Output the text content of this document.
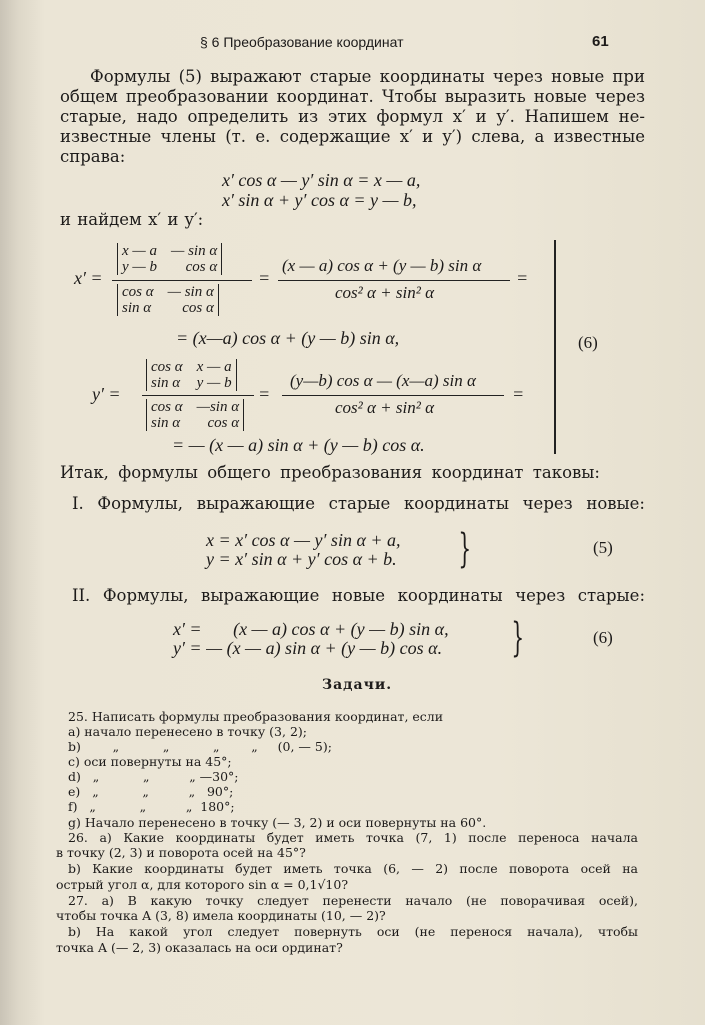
§ 6 Преобразование координат	61
Формулы (5) выражают старые координаты через новые при
общем преобразовании координат. Чтобы выразить новые через
старые, надо определить из этих формул x′ и y′. Напишем не-
известные члены (т. е. содержащие x′ и y′) слева, а известные
справа:
x′ cos α — y′ sin α = x — a,
x′ sin α + y′ cos α = y — b,
и найдем x′ и y′:
x′ =
x — a — sin α
y — b cos α
cos α — sin α
sin α cos α
=
(x — a) cos α + (y — b) sin α
cos² α + sin² α
=
= (x—a) cos α + (y — b) sin α,
y′ =
cos α x — a
sin α y — b
cos α —sin α
sin α cos α
=
(y—b) cos α — (x—a) sin α
cos² α + sin² α
=
= — (x — a) sin α + (y — b) cos α.
(6)
Итак, формулы общего преобразования координат таковы:
I. Формулы, выражающие старые координаты через новые:
x = x′ cos α — y′ sin α + a,
y = x′ sin α + y′ cos α + b. }	(5)
II. Формулы, выражающие новые координаты через старые:
x′ =       (x — a) cos α + (y — b) sin α,
y′ = — (x — a) sin α + (y — b) cos α. }	(6)
Задачи.
25. Написать формулы преобразования координат, если
a) начало перенесено в точку (3, 2);
b)        „           „           „        „     (0, — 5);
c) оси повернуты на 45°;
d)   „           „          „ —30°;
e)   „           „          „   90°;
f)   „           „          „  180°;
g) Начало перенесено в точку (— 3, 2) и оси повернуты на 60°.
26. a) Какие координаты будет иметь точка (7, 1) после переноса начала
в точку (2, 3) и поворота осей на 45°?
b) Какие координаты будет иметь точка (6, — 2) после поворота осей на
острый угол α, для которого sin α = 0,1√10?
27. a) В какую точку следует перенести начало (не поворачивая осей),
чтобы точка A (3, 8) имела координаты (10, — 2)?
b) На какой угол следует повернуть оси (не перенося начала), чтобы
точка A (— 2, 3) оказалась на оси ординат?
